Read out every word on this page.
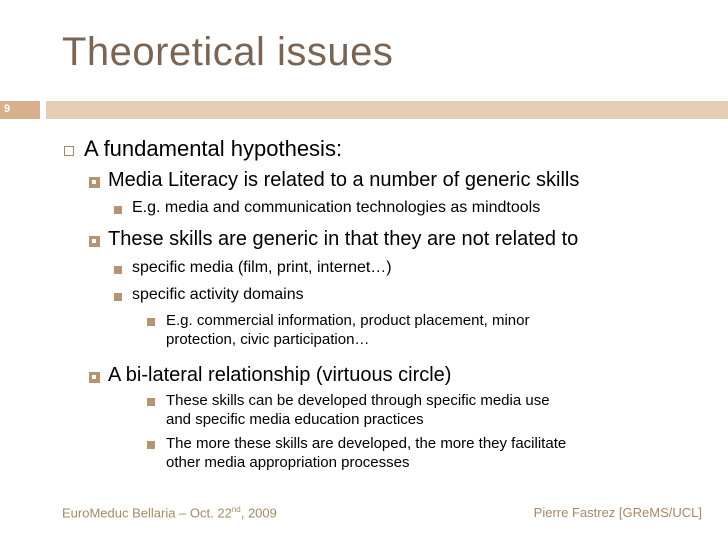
Theoretical issues
9
A fundamental hypothesis:
Media Literacy is related to a number of generic skills
E.g. media and communication technologies as mindtools
These skills are generic in that they are not related to
specific media (film, print, internet…)
specific activity domains
E.g. commercial information, product placement, minor
protection, civic participation…
A bi-lateral relationship (virtuous circle)
These skills can be developed through specific media use
and specific media education practices
The more these skills are developed, the more they facilitate
other media appropriation processes
EuroMeduc Bellaria – Oct. 22nd, 2009	Pierre Fastrez [GReMS/UCL]
